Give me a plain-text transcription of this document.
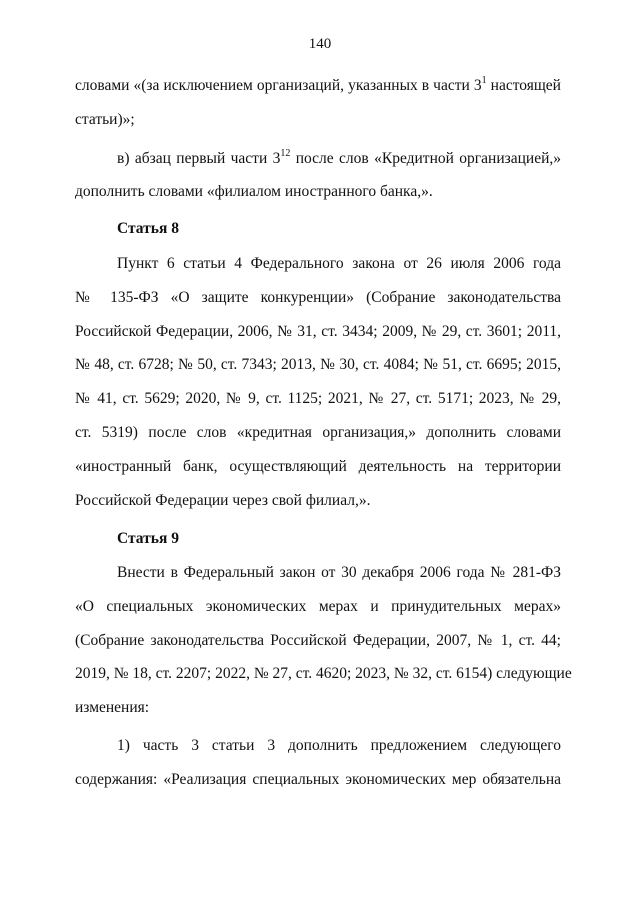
140
словами «(за исключением организаций, указанных в части $3^1$ настоящей
статьи)»;
в) абзац первый части $3^{12}$ после слов «Кредитной организацией,»
дополнить словами «филиалом иностранного банка,».
Статья 8
Пункт 6 статьи 4 Федерального закона от 26 июля 2006 года
№ 135-ФЗ «О защите конкуренции» (Собрание законодательства
Российской Федерации, 2006, № 31, ст. 3434; 2009, № 29, ст. 3601; 2011,
№ 48, ст. 6728; № 50, ст. 7343; 2013, № 30, ст. 4084; № 51, ст. 6695; 2015,
№ 41, ст. 5629; 2020, № 9, ст. 1125; 2021, № 27, ст. 5171; 2023, № 29,
ст. 5319) после слов «кредитная организация,» дополнить словами
«иностранный банк, осуществляющий деятельность на территории
Российской Федерации через свой филиал,».
Статья 9
Внести в Федеральный закон от 30 декабря 2006 года № 281-ФЗ
«О специальных экономических мерах и принудительных мерах»
(Собрание законодательства Российской Федерации, 2007, № 1, ст. 44;
2019, № 18, ст. 2207; 2022, № 27, ст. 4620; 2023, № 32, ст. 6154) следующие
изменения:
1) часть 3 статьи 3 дополнить предложением следующего
содержания: «Реализация специальных экономических мер обязательна
